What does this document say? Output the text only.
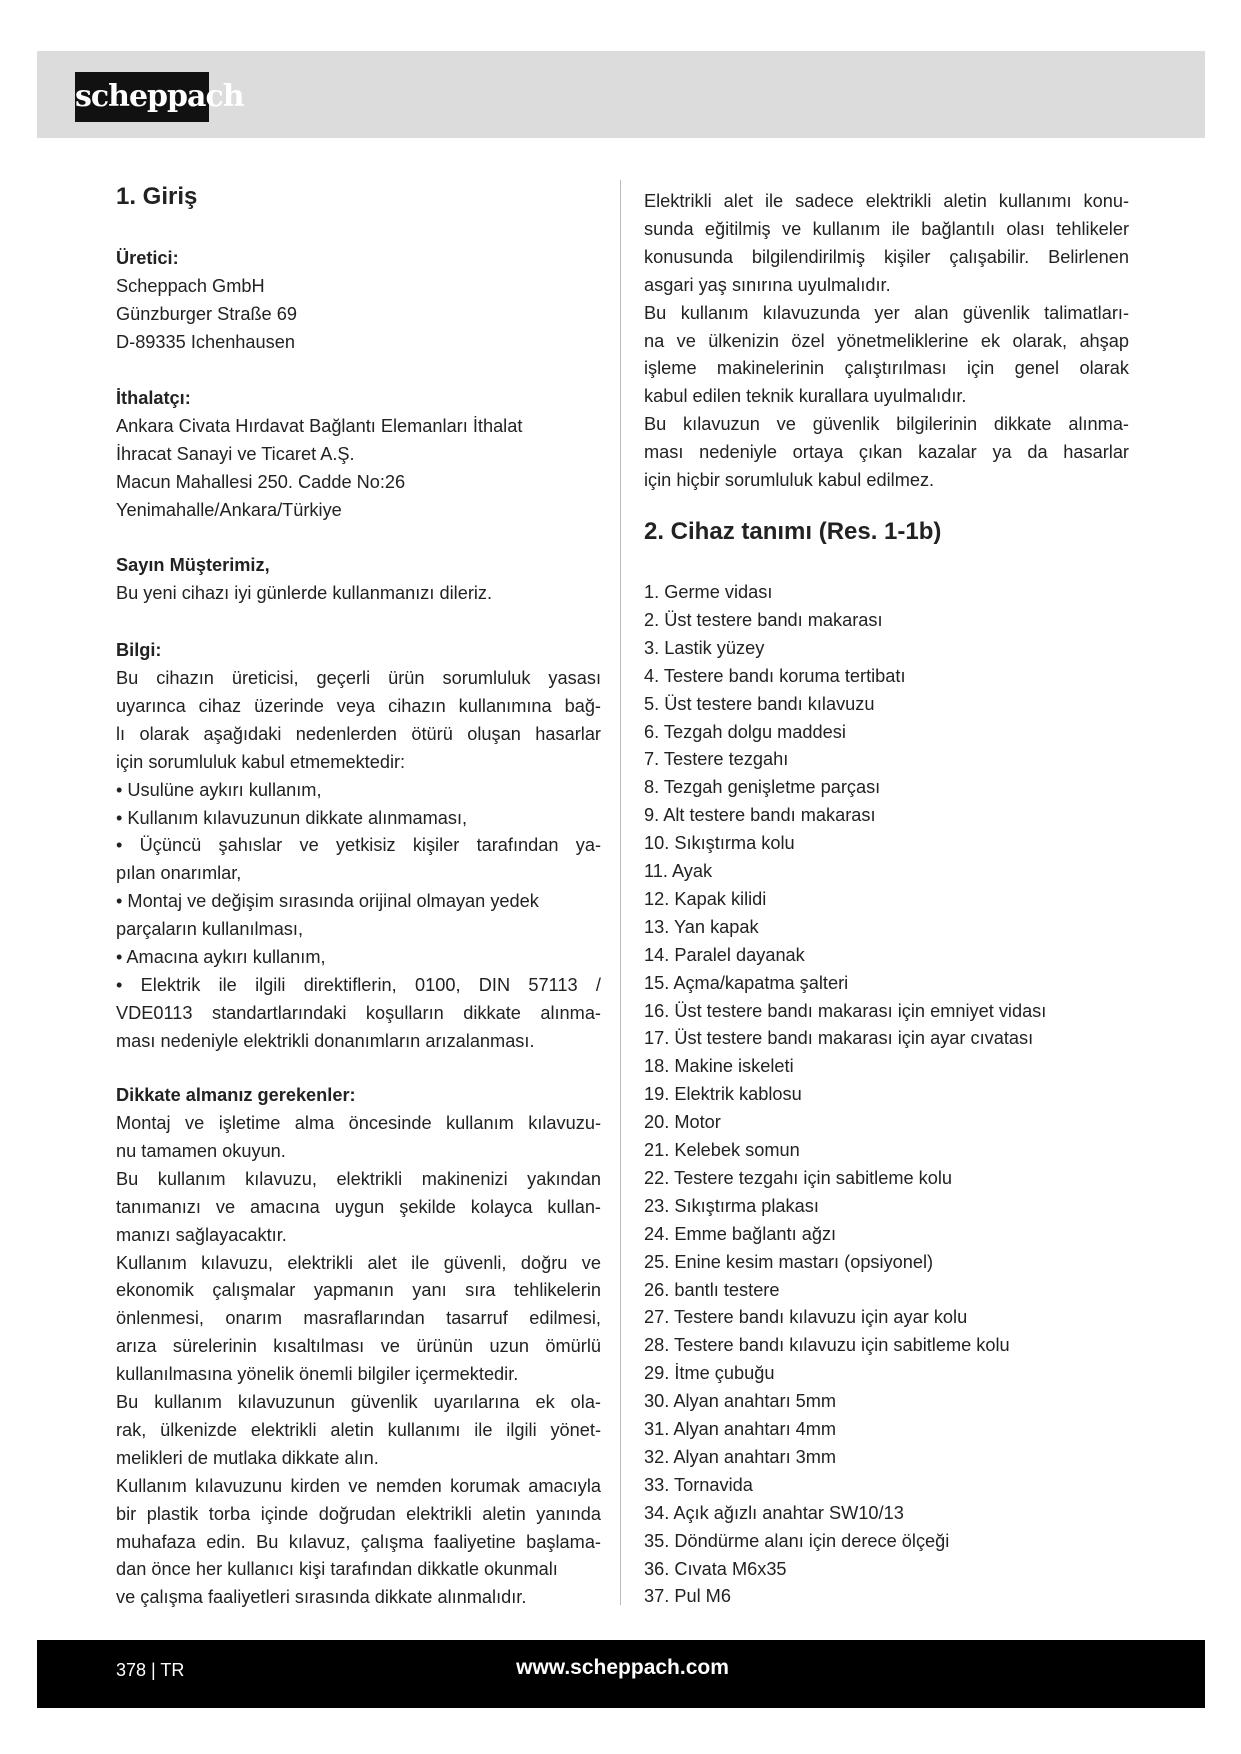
scheppach
1. Giriş
Üretici:
Scheppach GmbH
Günzburger Straße 69
D-89335 Ichenhausen
İthalatçı:
Ankara Civata Hırdavat Bağlantı Elemanları İthalat
İhracat Sanayi ve Ticaret A.Ş.
Macun Mahallesi 250. Cadde No:26
Yenimahalle/Ankara/Türkiye
Sayın Müşterimiz,
Bu yeni cihazı iyi günlerde kullanmanızı dileriz.
Bilgi:
Bu cihazın üreticisi, geçerli ürün sorumluluk yasası
uyarınca cihaz üzerinde veya cihazın kullanımına bağ-
lı olarak aşağıdaki nedenlerden ötürü oluşan hasarlar
için sorumluluk kabul etmemektedir:
• Usulüne aykırı kullanım,
• Kullanım kılavuzunun dikkate alınmaması,
• Üçüncü şahıslar ve yetkisiz kişiler tarafından ya-
pılan onarımlar,
• Montaj ve değişim sırasında orijinal olmayan yedek
parçaların kullanılması,
• Amacına aykırı kullanım,
• Elektrik ile ilgili direktiflerin, 0100, DIN 57113 /
VDE0113 standartlarındaki koşulların dikkate alınma-
ması nedeniyle elektrikli donanımların arızalanması.
Dikkate almanız gerekenler:
Montaj ve işletime alma öncesinde kullanım kılavuzu-
nu tamamen okuyun.
Bu kullanım kılavuzu, elektrikli makinenizi yakından
tanımanızı ve amacına uygun şekilde kolayca kullan-
manızı sağlayacaktır.
Kullanım kılavuzu, elektrikli alet ile güvenli, doğru ve
ekonomik çalışmalar yapmanın yanı sıra tehlikelerin
önlenmesi, onarım masraflarından tasarruf edilmesi,
arıza sürelerinin kısaltılması ve ürünün uzun ömürlü
kullanılmasına yönelik önemli bilgiler içermektedir.
Bu kullanım kılavuzunun güvenlik uyarılarına ek ola-
rak, ülkenizde elektrikli aletin kullanımı ile ilgili yönet-
melikleri de mutlaka dikkate alın.
Kullanım kılavuzunu kirden ve nemden korumak amacıyla
bir plastik torba içinde doğrudan elektrikli aletin yanında
muhafaza edin. Bu kılavuz, çalışma faaliyetine başlama-
dan önce her kullanıcı kişi tarafından dikkatle okunmalı
ve çalışma faaliyetleri sırasında dikkate alınmalıdır.
Elektrikli alet ile sadece elektrikli aletin kullanımı konu-
sunda eğitilmiş ve kullanım ile bağlantılı olası tehlikeler
konusunda bilgilendirilmiş kişiler çalışabilir. Belirlenen
asgari yaş sınırına uyulmalıdır.
Bu kullanım kılavuzunda yer alan güvenlik talimatları-
na ve ülkenizin özel yönetmeliklerine ek olarak, ahşap
işleme makinelerinin çalıştırılması için genel olarak
kabul edilen teknik kurallara uyulmalıdır.
Bu kılavuzun ve güvenlik bilgilerinin dikkate alınma-
ması nedeniyle ortaya çıkan kazalar ya da hasarlar
için hiçbir sorumluluk kabul edilmez.
2. Cihaz tanımı (Res. 1-1b)
1. Germe vidası
2. Üst testere bandı makarası
3. Lastik yüzey
4. Testere bandı koruma tertibatı
5. Üst testere bandı kılavuzu
6. Tezgah dolgu maddesi
7. Testere tezgahı
8. Tezgah genişletme parçası
9. Alt testere bandı makarası
10. Sıkıştırma kolu
11. Ayak
12. Kapak kilidi
13. Yan kapak
14. Paralel dayanak
15. Açma/kapatma şalteri
16. Üst testere bandı makarası için emniyet vidası
17. Üst testere bandı makarası için ayar cıvatası
18. Makine iskeleti
19. Elektrik kablosu
20. Motor
21. Kelebek somun
22. Testere tezgahı için sabitleme kolu
23. Sıkıştırma plakası
24. Emme bağlantı ağzı
25. Enine kesim mastarı (opsiyonel)
26. bantlı testere
27. Testere bandı kılavuzu için ayar kolu
28. Testere bandı kılavuzu için sabitleme kolu
29. İtme çubuğu
30. Alyan anahtarı 5mm
31. Alyan anahtarı 4mm
32. Alyan anahtarı 3mm
33. Tornavida
34. Açık ağızlı anahtar SW10/13
35. Döndürme alanı için derece ölçeği
36. Cıvata M6x35
37. Pul M6
378 | TR	www.scheppach.com
